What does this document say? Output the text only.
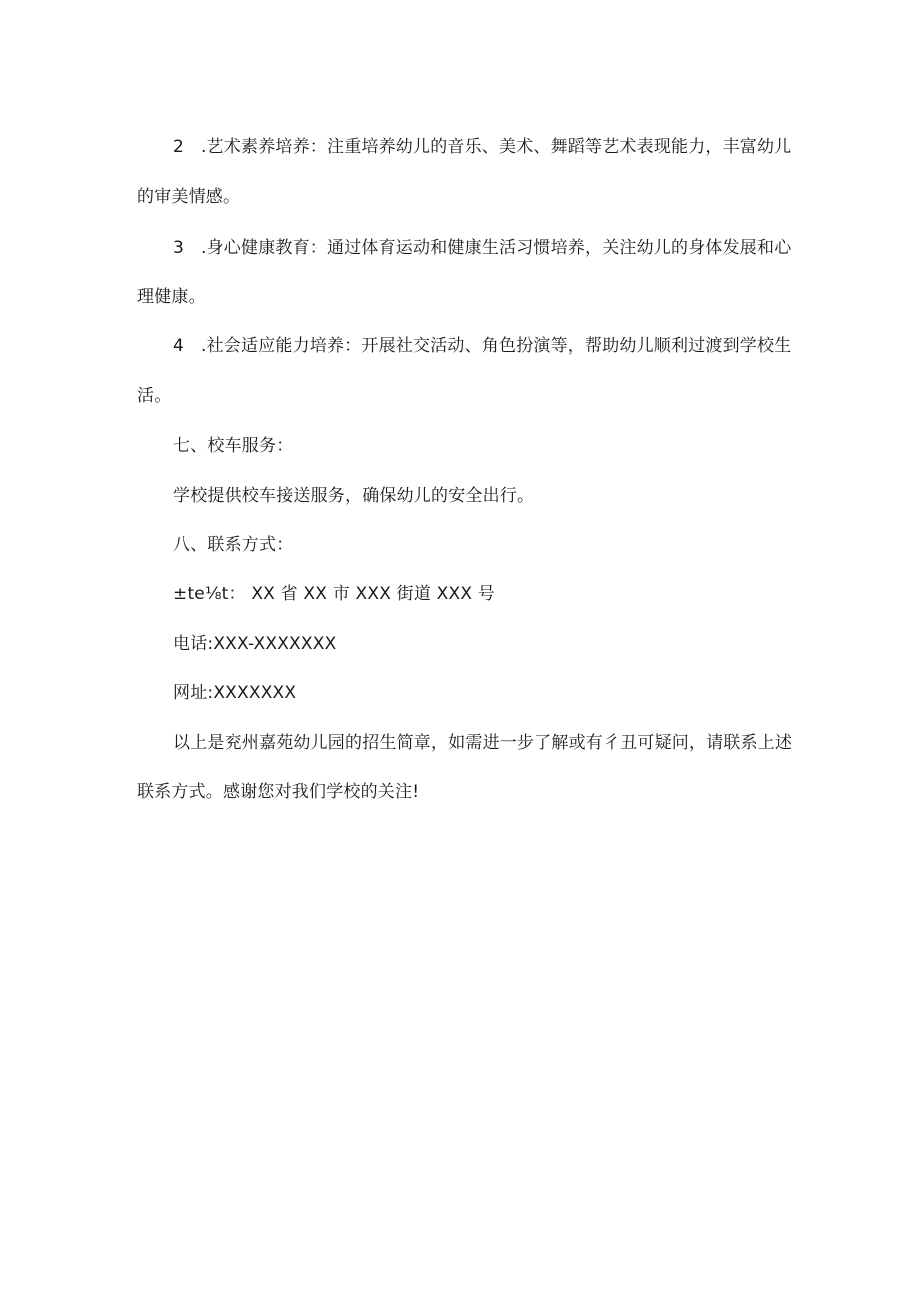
2 .艺术素养培养：注重培养幼儿的音乐、美术、舞蹈等艺术表现能力，丰富幼儿
的审美情感。
3 .身心健康教育：通过体育运动和健康生活习惯培养，关注幼儿的身体发展和心
理健康。
4 .社会适应能力培养：开展社交活动、角色扮演等，帮助幼儿顺利过渡到学校生
活。
七、校车服务：
学校提供校车接送服务，确保幼儿的安全出行。
八、联系方式：
±te⅛t： XX 省 XX 市 XXX 街道 XXX 号
电话:XXX-XXXXXXX
网址:XXXXXXX
以上是兖州嘉苑幼儿园的招生简章，如需进一步了解或有彳丑可疑问，请联系上述
联系方式。感谢您对我们学校的关注!
